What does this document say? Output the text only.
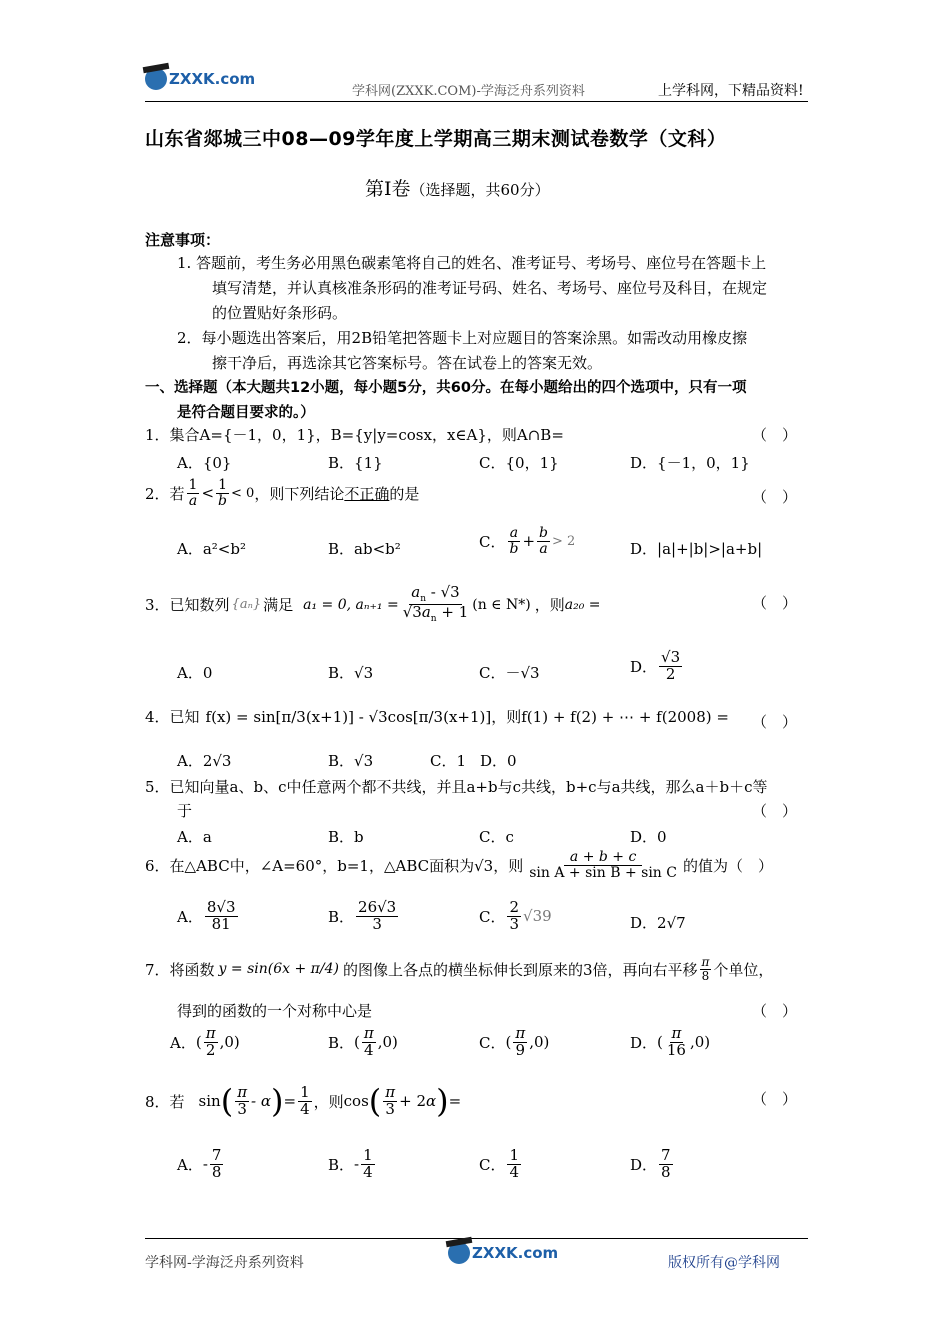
ZXXK.com
学科网(ZXXK.COM)-学海泛舟系列资料	上学科网，下精品资料!
山东省郯城三中08—09学年度上学期高三期末测试卷数学（文科）
第Ⅰ卷（选择题，共60分）
注意事项：
1. 答题前，考生务必用黑色碳素笔将自己的姓名、准考证号、考场号、座位号在答题卡上
填写清楚，并认真核准条形码的准考证号码、姓名、考场号、座位号及科目，在规定
的位置贴好条形码。
2．每小题选出答案后，用2B铅笔把答题卡上对应题目的答案涂黑。如需改动用橡皮擦
擦干净后，再选涂其它答案标号。答在试卷上的答案无效。
一、选择题（本大题共12小题，每小题5分，共60分。在每小题给出的四个选项中，只有一项
是符合题目要求的。）
1．集合A={－1，0，1}，B={y|y=cosx，x∈A}，则A∩B=	（　）
A．{0}	B．{1}	C．{0，1}	D．{－1，0，1}
2．若 $\frac{1}{a} < \frac{1}{b} < 0$ ，则下列结论 不正确 的是	（　）
A．a²<b²	B．ab<b²	C． $\frac{a}{b} + \frac{b}{a} > 2$	D．|a|+|b|>|a+b|
3．已知数列 {aₙ} 满足 a₁ = 0, $a_{n+1} = \frac{a_n - √3}{√3a_n + 1} (n$ ∈ N*) ，则 a₂₀ =	（　）
A．0	B．√3	C．－√3	D． $\frac{√3}{2}$
4．已知 f(x) = sin[π/3(x+1)] - √3cos[π/3(x+1)] ，则 f(1) + f(2) + ⋯ + f(2008) = （　）
A．2√3	B．√3	C．1 D．0
5．已知向量a、b、c中任意两个都不共线，并且a+b与c共线，b+c与a共线，那么a＋b＋c等
于	（　）
A．a	B．b	C．c	D．0
6．在△ABC中，∠A=60°，b=1，△ABC面积为√3，则 $\frac{a + b + c}{\text{sin A + sin B + sin C}}$ 的值为（　）
A． $\frac{8√3}{81}$	B． $\frac{26√3}{3}$	C． $\frac{2}{3} √39$	D．2√7
7．将函数 y = sin(6x + π/4) 的图像上各点的横坐标伸长到原来的3倍，再向右平移 $\frac{\pi}{8}$ 个单位，
得到的函数的一个对称中心是	（　）
A． ( $\frac{\pi}{2} ,0$)	B． ( $\frac{\pi}{4} ,0$)	C． ( $\frac{\pi}{9} ,0$)	D． ( $\frac{\pi}{16} ,0$)
8．若 sin ( $\frac{\pi}{3}$ - α ) = $\frac{1}{4}$ ，则 cos ( $\frac{\pi}{3} + 2\alpha$ ) =	（　）
A． - $\frac{7}{8}$	B． - $\frac{1}{4}$	C． $\frac{1}{4}$	D． $\frac{7}{8}$
学科网-学海泛舟系列资料
ZXXK.com
版权所有@学科网
